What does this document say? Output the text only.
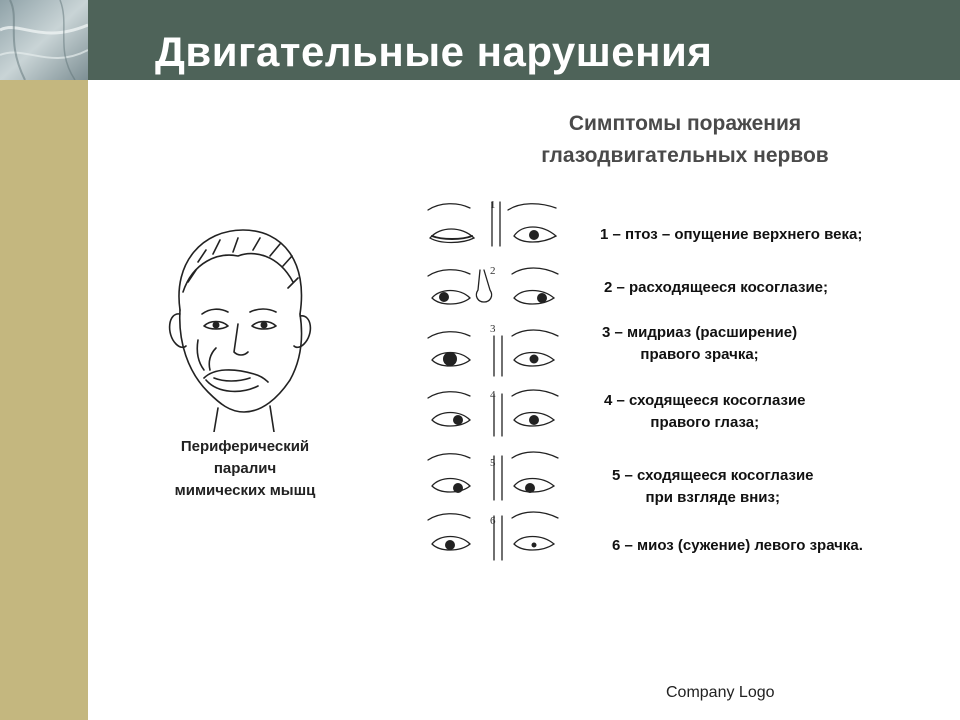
Двигательные нарушения
Симптомы поражения
глазодвигательных нервов
Периферический
паралич
мимических мышц
1
2
3
4
5
6
1 – птоз – опущение верхнего века;
2 – расходящееся косоглазие;
3 – мидриаз (расширение)
правого зрачка;
4 – сходящееся косоглазие
правого глаза;
5 – сходящееся косоглазие
при взгляде вниз;
6 – миоз (сужение) левого зрачка.
Company Logo
